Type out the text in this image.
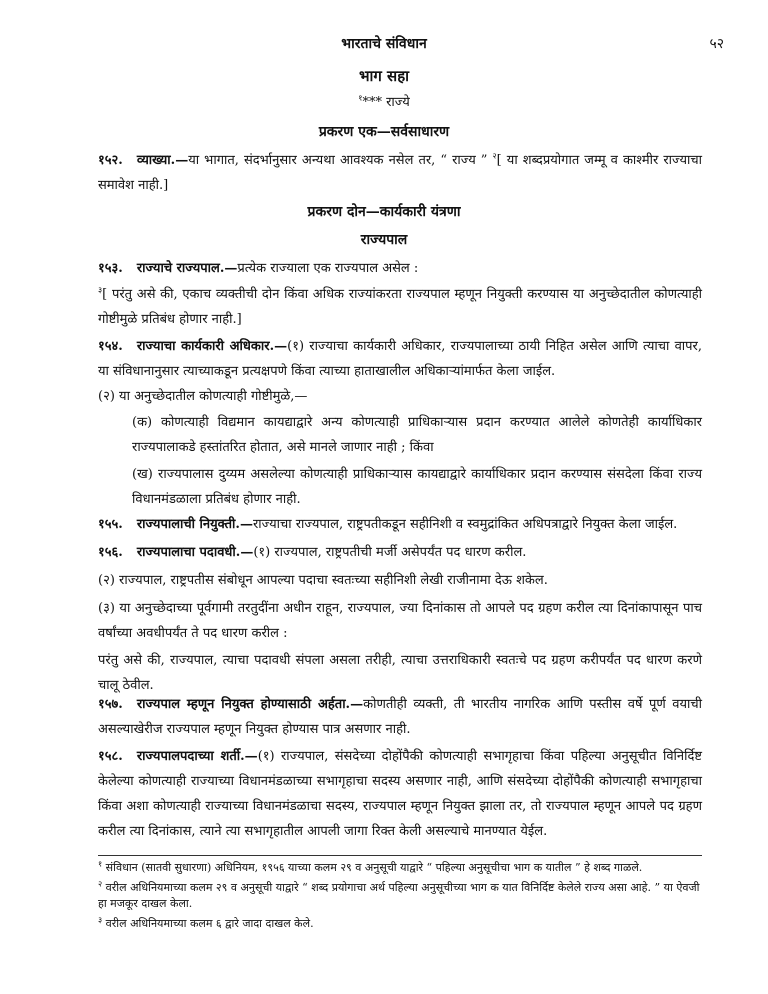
भारताचे संविधान	५२
भाग सहा
$^१$*** राज्ये
प्रकरण एक—सर्वसाधारण
१५२. व्याख्या.—या भागात, संदर्भानुसार अन्यथा आवश्यक नसेल तर, “ राज्य ” $^२$[ या शब्दप्रयोगात जम्मू व काश्मीर राज्याचा समावेश नाही.]
प्रकरण दोन—कार्यकारी यंत्रणा
राज्यपाल
१५३. राज्याचे राज्यपाल.—प्रत्येक राज्याला एक राज्यपाल असेल :
$^३$[ परंतु असे की, एकाच व्यक्तीची दोन किंवा अधिक राज्यांकरता राज्यपाल म्हणून नियुक्ती करण्यास या अनुच्छेदातील कोणत्याही गोष्टीमुळे प्रतिबंध होणार नाही.]
१५४. राज्याचा कार्यकारी अधिकार.—(१) राज्याचा कार्यकारी अधिकार, राज्यपालाच्या ठायी निहित असेल आणि त्याचा वापर, या संविधानानुसार त्याच्याकडून प्रत्यक्षपणे किंवा त्याच्या हाताखालील अधिकाऱ्यांमार्फत केला जाईल.
(२) या अनुच्छेदातील कोणत्याही गोष्टीमुळे,—
(क) कोणत्याही विद्यमान कायद्याद्वारे अन्य कोणत्याही प्राधिकाऱ्यास प्रदान करण्यात आलेले कोणतेही कार्याधिकार राज्यपालाकडे हस्तांतरित होतात, असे मानले जाणार नाही ; किंवा
(ख) राज्यपालास दुय्यम असलेल्या कोणत्याही प्राधिकाऱ्यास कायद्याद्वारे कार्याधिकार प्रदान करण्यास संसदेला किंवा राज्य विधानमंडळाला प्रतिबंध होणार नाही.
१५५. राज्यपालाची नियुक्ती.—राज्याचा राज्यपाल, राष्ट्रपतीकडून सहीनिशी व स्वमुद्रांकित अधिपत्राद्वारे नियुक्त केला जाईल.
१५६. राज्यपालाचा पदावधी.—(१) राज्यपाल, राष्ट्रपतीची मर्जी असेपर्यंत पद धारण करील.
(२) राज्यपाल, राष्ट्रपतीस संबोधून आपल्या पदाचा स्वतःच्या सहीनिशी लेखी राजीनामा देऊ शकेल.
(३) या अनुच्छेदाच्या पूर्वगामी तरतुदींना अधीन राहून, राज्यपाल, ज्या दिनांकास तो आपले पद ग्रहण करील त्या दिनांकापासून पाच वर्षांच्या अवधीपर्यंत ते पद धारण करील :
परंतु असे की, राज्यपाल, त्याचा पदावधी संपला असला तरीही, त्याचा उत्तराधिकारी स्वतःचे पद ग्रहण करीपर्यंत पद धारण करणे चालू ठेवील.
१५७. राज्यपाल म्हणून नियुक्त होण्यासाठी अर्हता.—कोणतीही व्यक्ती, ती भारतीय नागरिक आणि पस्तीस वर्षे पूर्ण वयाची असल्याखेरीज राज्यपाल म्हणून नियुक्त होण्यास पात्र असणार नाही.
१५८. राज्यपालपदाच्या शर्ती.—(१) राज्यपाल, संसदेच्या दोहोंपैकी कोणत्याही सभागृहाचा किंवा पहिल्या अनुसूचीत विनिर्दिष्ट केलेल्या कोणत्याही राज्याच्या विधानमंडळाच्या सभागृहाचा सदस्य असणार नाही, आणि संसदेच्या दोहोंपैकी कोणत्याही सभागृहाचा किंवा अशा कोणत्याही राज्याच्या विधानमंडळाचा सदस्य, राज्यपाल म्हणून नियुक्त झाला तर, तो राज्यपाल म्हणून आपले पद ग्रहण करील त्या दिनांकास, त्याने त्या सभागृहातील आपली जागा रिक्त केली असल्याचे मानण्यात येईल.
$^१$ संविधान (सातवी सुधारणा) अधिनियम, १९५६ याच्या कलम २९ व अनुसूची याद्वारे “ पहिल्या अनुसूचीचा भाग क यातील ” हे शब्द गाळले.
$^२$ वरील अधिनियमाच्या कलम २९ व अनुसूची याद्वारे “ शब्द प्रयोगाचा अर्थ पहिल्या अनुसूचीच्या भाग क यात विनिर्दिष्ट केलेले राज्य असा आहे. ” या ऐवजी हा मजकूर दाखल केला.
$^३$ वरील अधिनियमाच्या कलम ६ द्वारे जादा दाखल केले.
